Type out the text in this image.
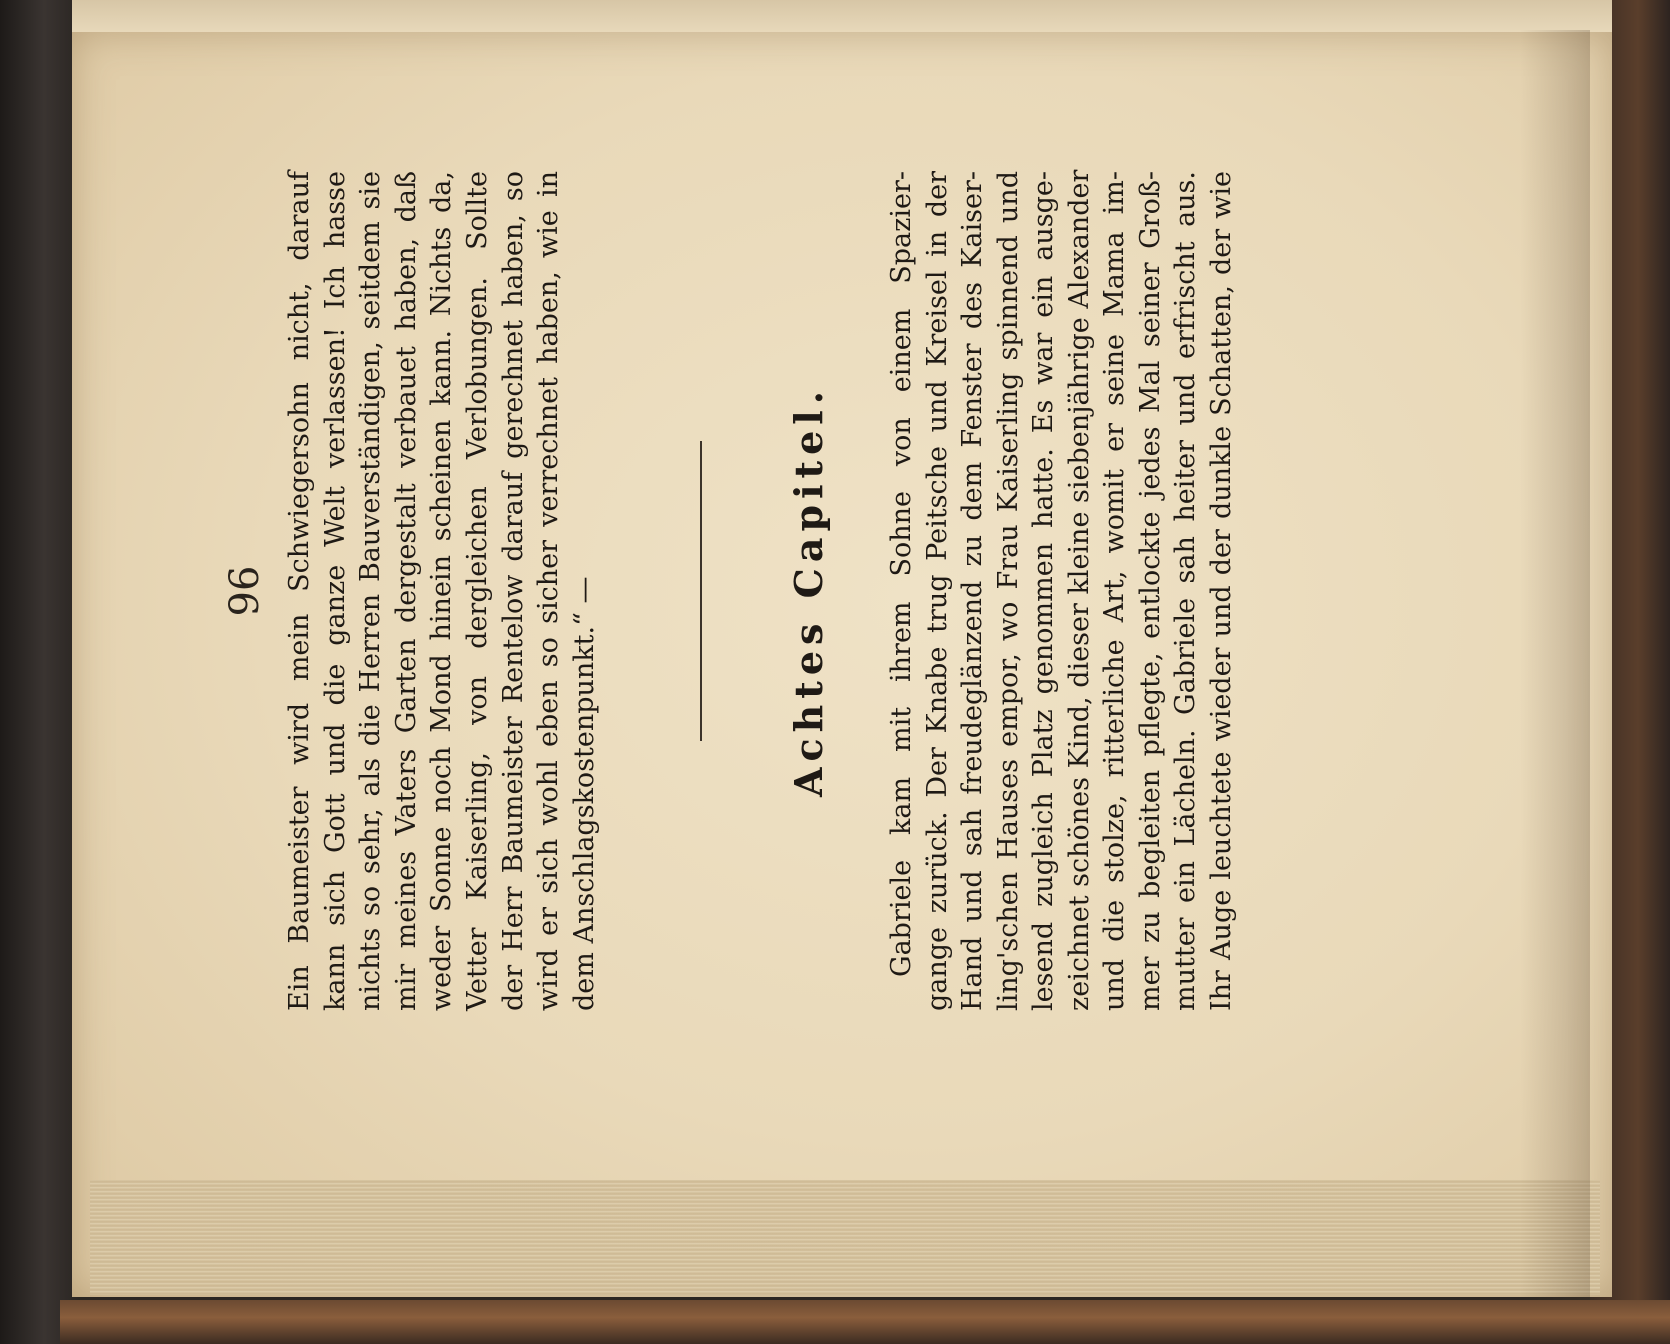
96 Ein Baumeister wird mein Schwiegersohn nicht, darauf kann sich Gott und die ganze Welt verlassen! Ich hasse nichts so sehr, als die Herren Bauverständigen, seitdem sie mir meines Vaters Garten dergestalt verbauet haben, daß weder Sonne noch Mond hinein scheinen kann. Nichts da, Vetter Kaiserling, von dergleichen Verlobungen. Sollte der Herr Baumeister Rentelow darauf gerechnet haben, so wird er sich wohl eben so sicher verrechnet haben, wie in dem Anschlagskostenpunkt.“ —	Achtes Capitel. Gabriele kam mit ihrem Sohne von einem Spazier- gange zurück. Der Knabe trug Peitsche und Kreisel in der Hand und sah freudeglänzend zu dem Fenster des Kaiser- ling'schen Hauses empor, wo Frau Kaiserling spinnend und lesend zugleich Platz genommen hatte. Es war ein ausge- zeichnet schönes Kind, dieser kleine siebenjährige Alexander und die stolze, ritterliche Art, womit er seine Mama im- mer zu begleiten pflegte, entlockte jedes Mal seiner Groß- mutter ein Lächeln. Gabriele sah heiter und erfrischt aus. Ihr Auge leuchtete wieder und der dunkle Schatten, der wie
